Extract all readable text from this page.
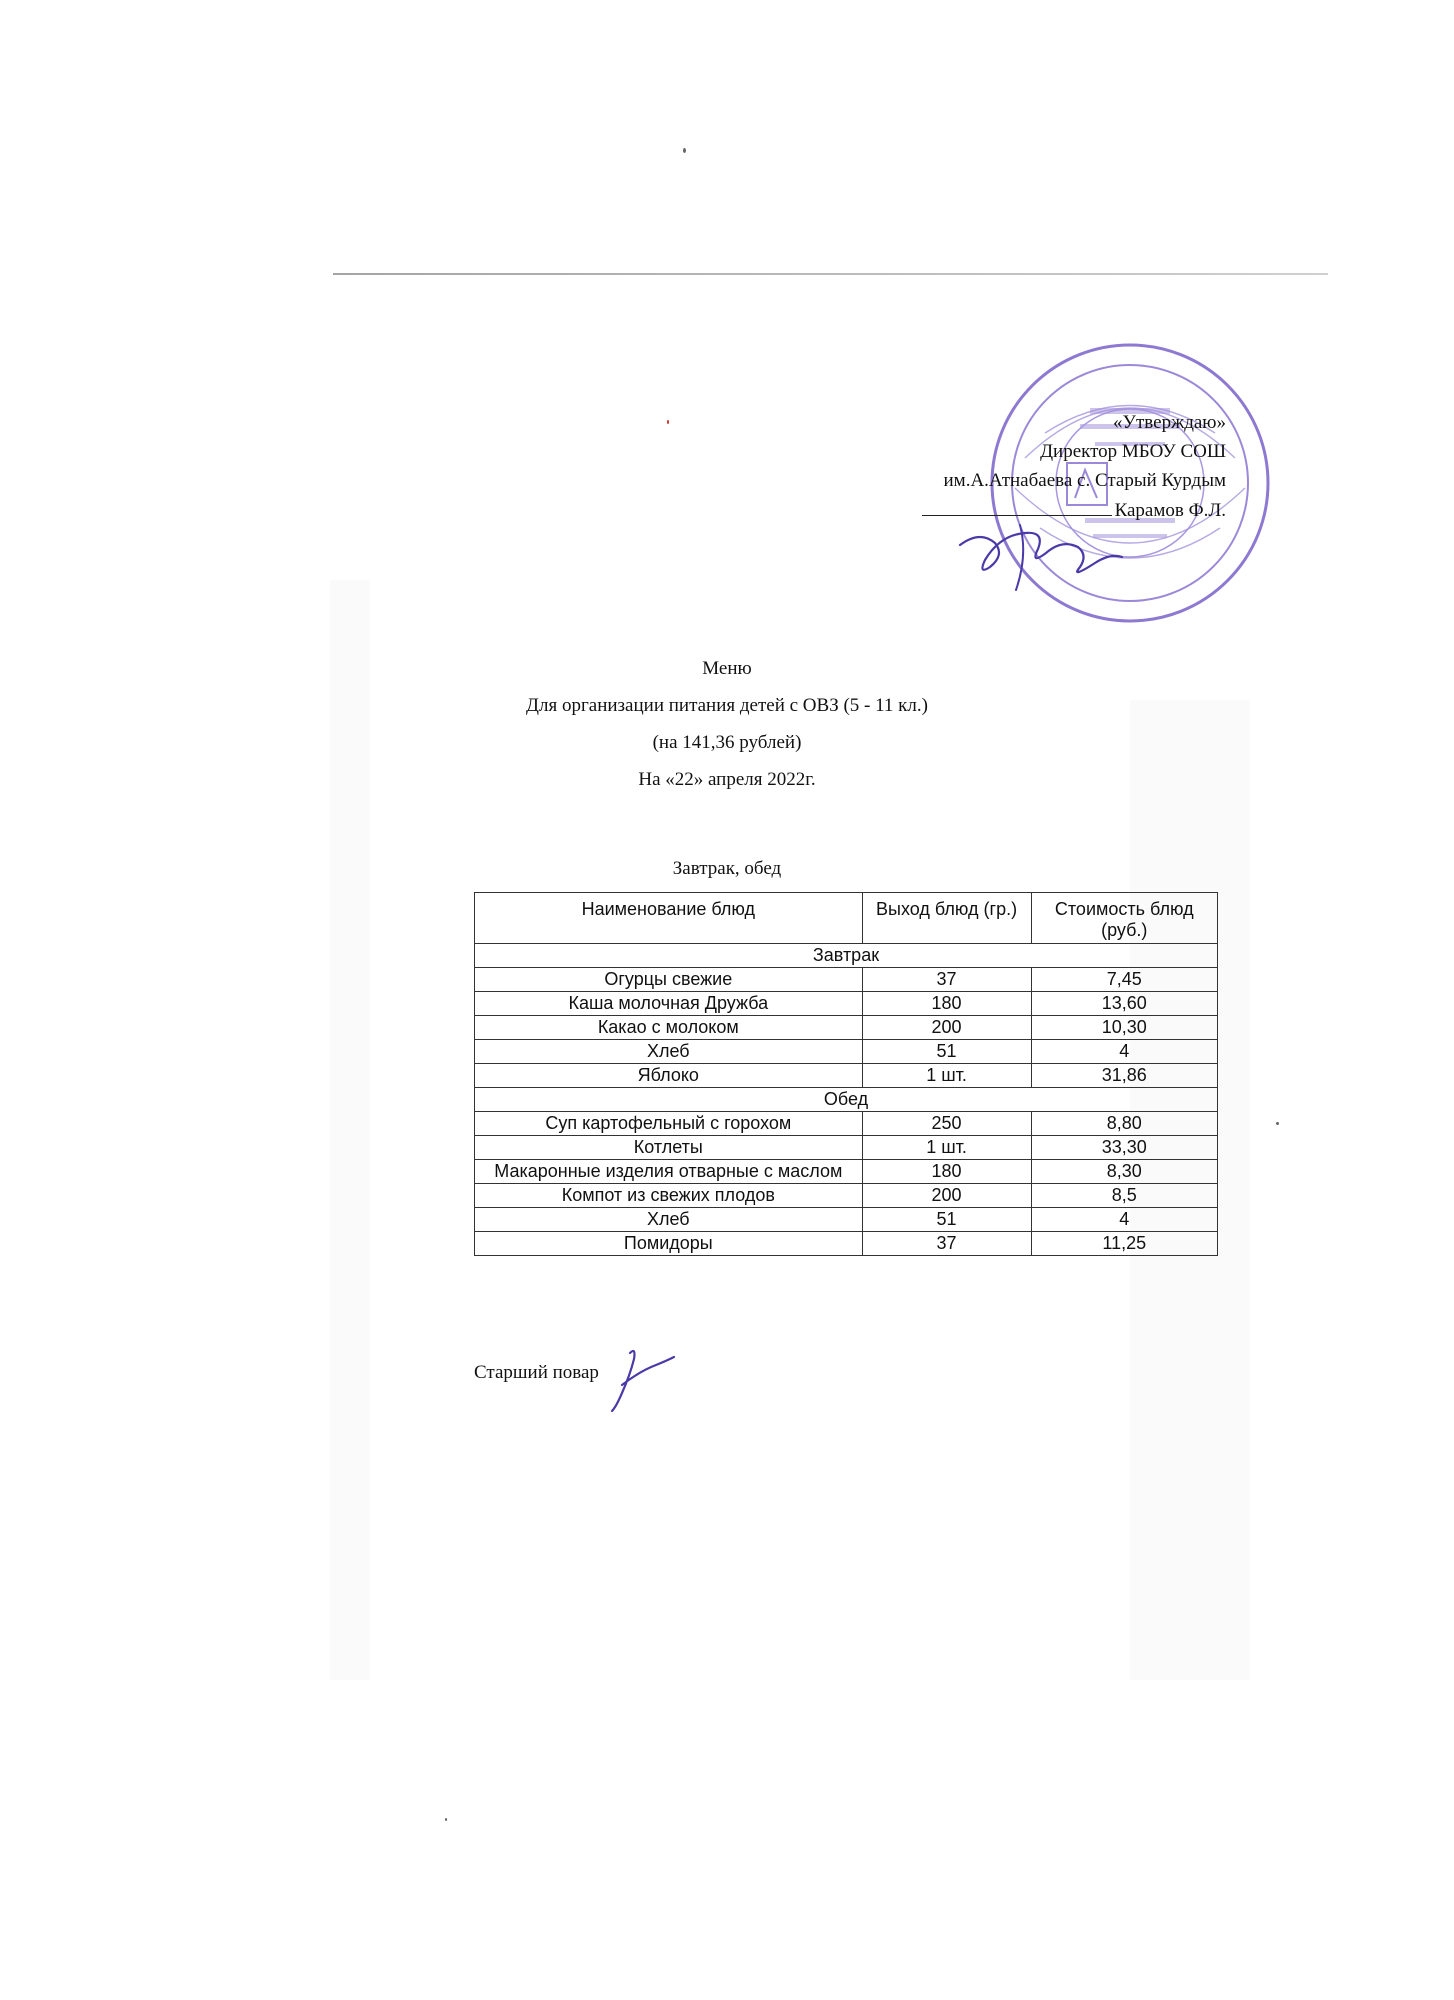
«Утверждаю»
Директор МБОУ СОШ
им.А.Атнабаева с. Старый Курдым
Карамов Ф.Л.
Меню
Для организации питания детей с ОВЗ (5 - 11 кл.)
(на 141,36 рублей)
На «22» апреля 2022г.
Завтрак, обед
Наименование блюд	Выход блюд (гр.)	Стоимость блюд (руб.)
Завтрак		
Огурцы свежие	37	7,45
Каша молочная Дружба	180	13,60
Какао с молоком	200	10,30
Хлеб	51	4
Яблоко	1 шт.	31,86
Обед		
Суп картофельный с горохом	250	8,80
Котлеты	1 шт.	33,30
Макаронные изделия отварные с маслом	180	8,30
Компот из свежих плодов	200	8,5
Хлеб	51	4
Помидоры	37	11,25
Старший повар
